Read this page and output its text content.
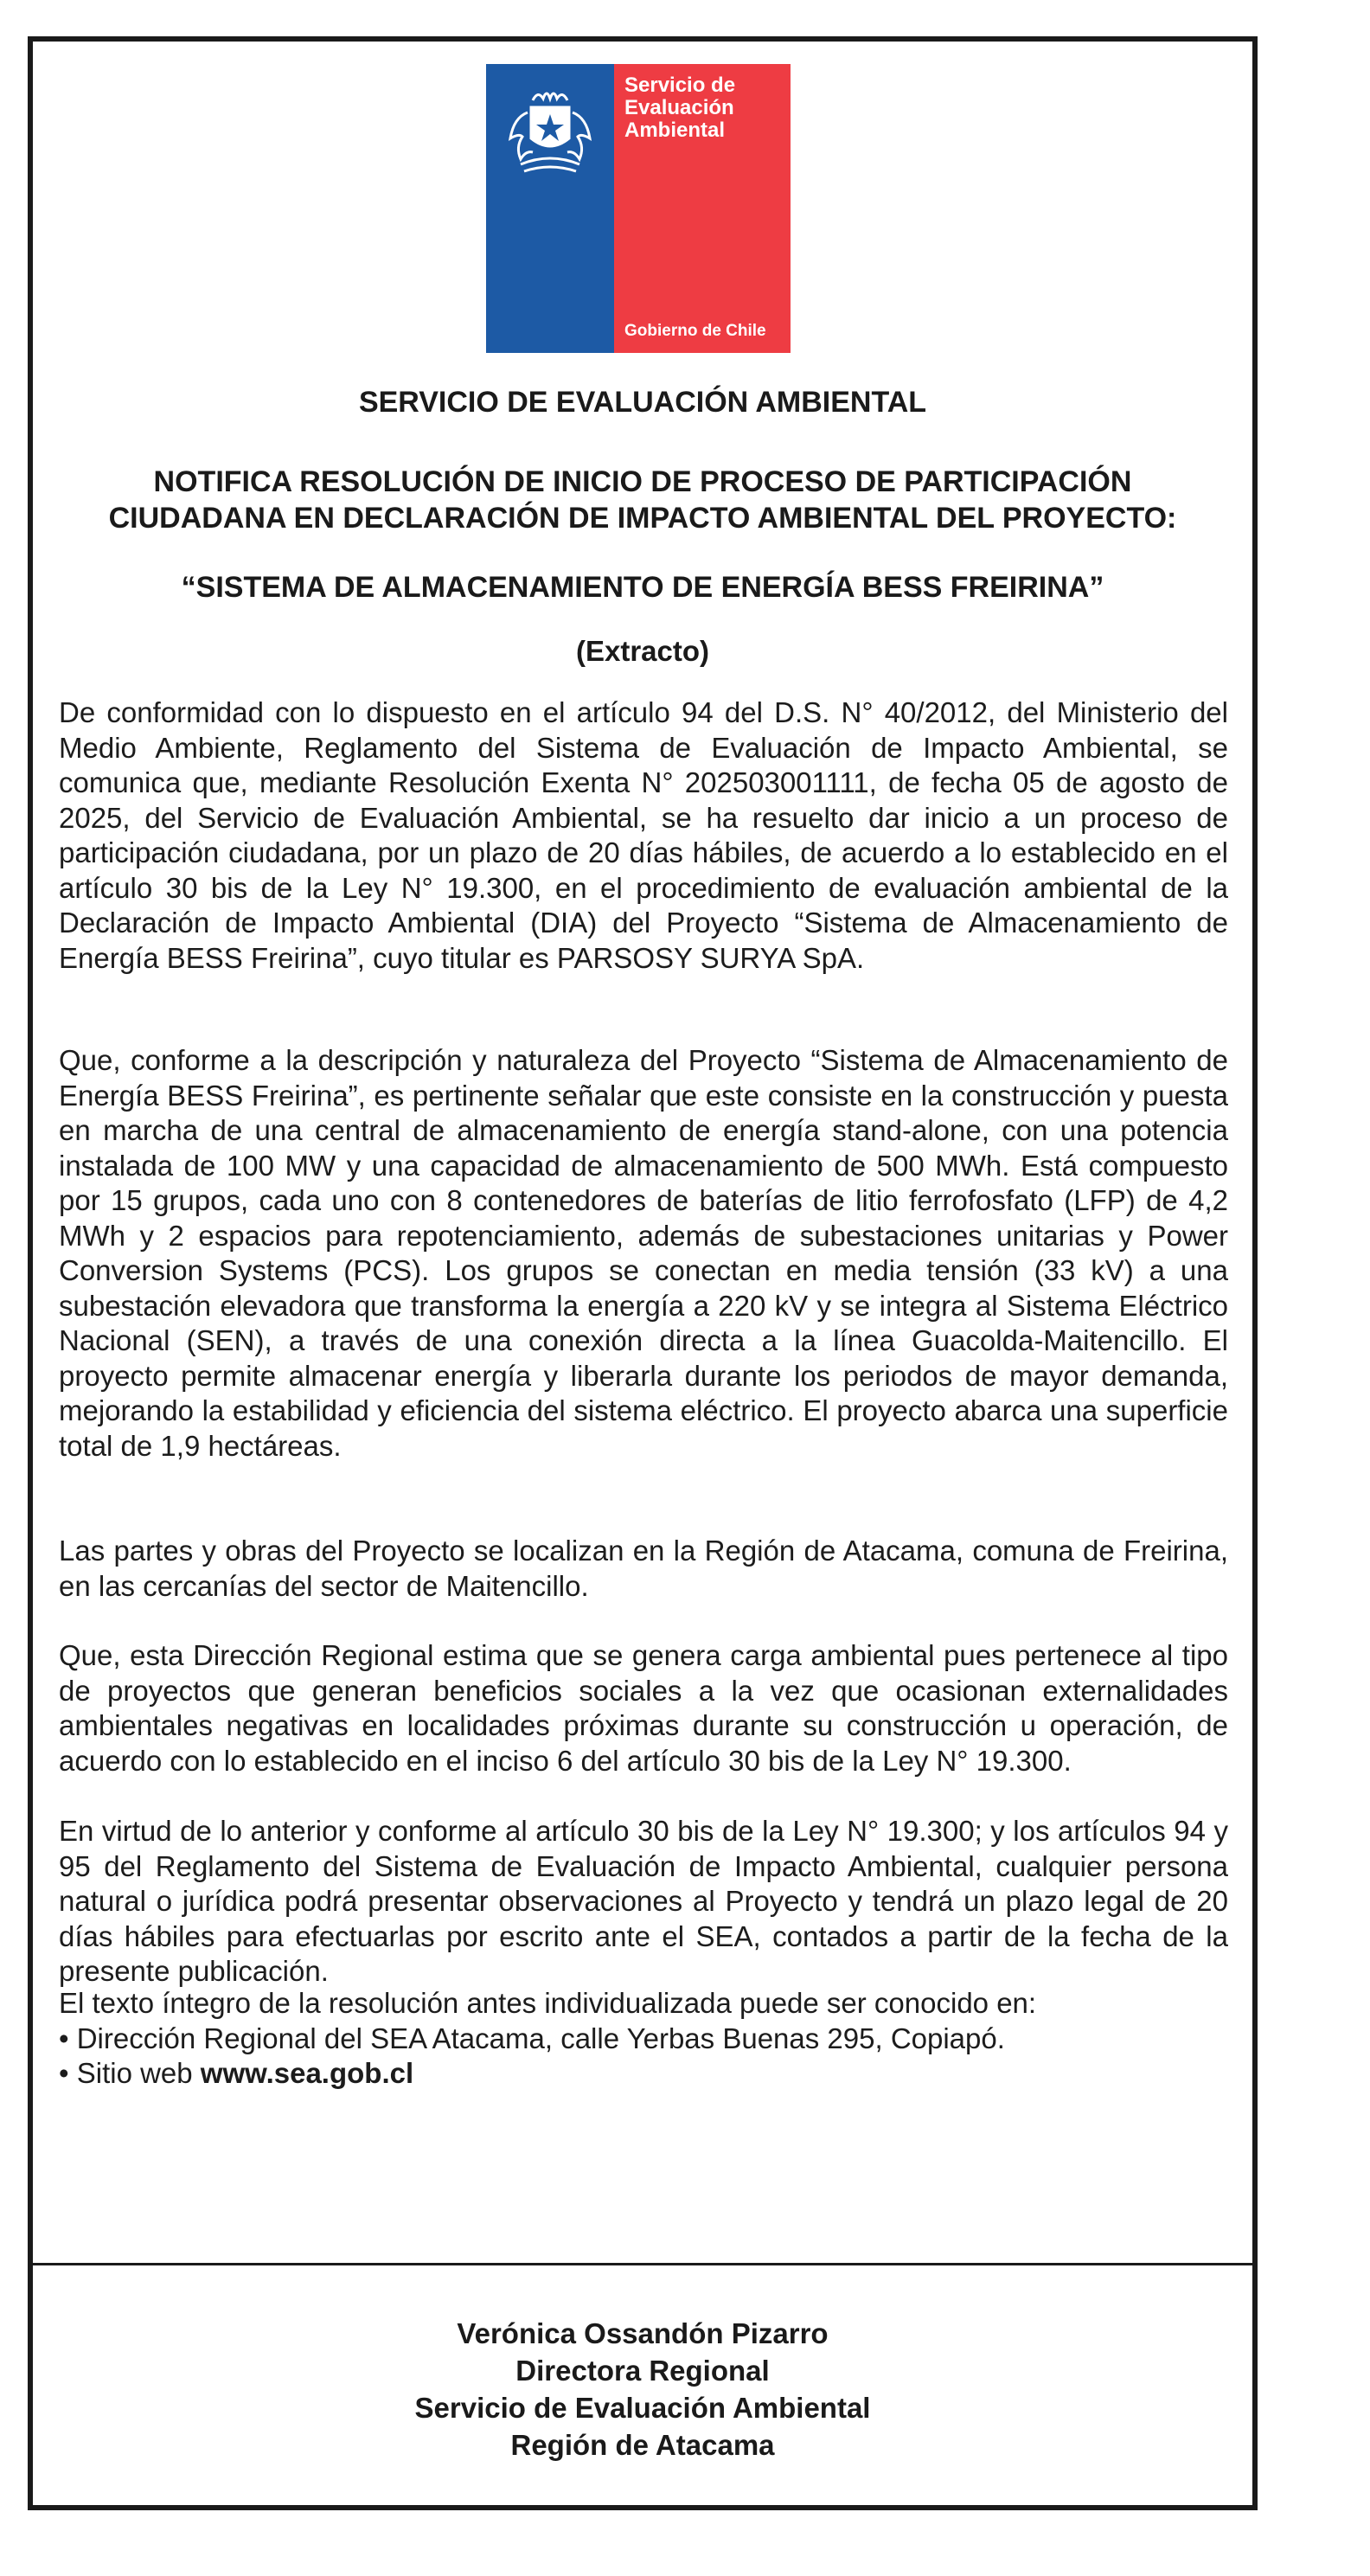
Servicio de
Evaluación
Ambiental
Gobierno de Chile
SERVICIO DE EVALUACIÓN AMBIENTAL
NOTIFICA RESOLUCIÓN DE INICIO DE PROCESO DE PARTICIPACIÓN
CIUDADANA EN DECLARACIÓN DE IMPACTO AMBIENTAL DEL PROYECTO:
“SISTEMA DE ALMACENAMIENTO DE ENERGÍA BESS FREIRINA”
(Extracto)

De conformidad con lo dispuesto en el artículo 94 del D.S. N° 40/2012, del Ministerio del Medio Ambiente, Reglamento del Sistema de Evaluación de Impacto Ambiental, se comunica que, mediante Resolución Exenta N° 202503001111, de fecha 05 de agosto de 2025, del Servicio de Evaluación Ambiental, se ha resuelto dar inicio a un proceso de participación ciudadana, por un plazo de 20 días hábiles, de acuerdo a lo establecido en el artículo 30 bis de la Ley N° 19.300, en el procedimiento de evaluación ambiental de la Declaración de Impacto Ambiental (DIA) del Proyecto “Sistema de Almacenamiento de Energía BESS Freirina”, cuyo titular es PARSOSY SURYA SpA.

Que, conforme a la descripción y naturaleza del Proyecto “Sistema de Almacenamiento de Energía BESS Freirina”, es pertinente señalar que este consiste en la construcción y puesta en marcha de una central de almacenamiento de energía stand-alone, con una potencia instalada de 100 MW y una capacidad de almacenamiento de 500 MWh. Está compuesto por 15 grupos, cada uno con 8 contenedores de baterías de litio ferrofosfato (LFP) de 4,2 MWh y 2 espacios para repotenciamiento, además de subestaciones unitarias y Power Conversion Systems (PCS). Los grupos se conectan en media tensión (33 kV) a una subestación elevadora que transforma la energía a 220 kV y se integra al Sistema Eléctrico Nacional (SEN), a través de una conexión directa a la línea Guacolda-Maitencillo. El proyecto permite almacenar energía y liberarla durante los periodos de mayor demanda, mejorando la estabilidad y eficiencia del sistema eléctrico. El proyecto abarca una superficie total de 1,9 hectáreas.

Las partes y obras del Proyecto se localizan en la Región de Atacama, comuna de Freirina, en las cercanías del sector de Maitencillo.

Que, esta Dirección Regional estima que se genera carga ambiental pues pertenece al tipo de proyectos que generan beneficios sociales a la vez que ocasionan externalidades ambientales negativas en localidades próximas durante su construcción u operación, de acuerdo con lo establecido en el inciso 6 del artículo 30 bis de la Ley N° 19.300.

En virtud de lo anterior y conforme al artículo 30 bis de la Ley N° 19.300; y los artículos 94 y 95 del Reglamento del Sistema de Evaluación de Impacto Ambiental, cualquier persona natural o jurídica podrá presentar observaciones al Proyecto y tendrá un plazo legal de 20 días hábiles para efectuarlas por escrito ante el SEA, contados a partir de la fecha de la presente publicación.

El texto íntegro de la resolución antes individualizada puede ser conocido en:

• Dirección Regional del SEA Atacama, calle Yerbas Buenas 295, Copiapó.

• Sitio web www.sea.gob.cl

Verónica Ossandón Pizarro
Directora Regional
Servicio de Evaluación Ambiental
Región de Atacama
